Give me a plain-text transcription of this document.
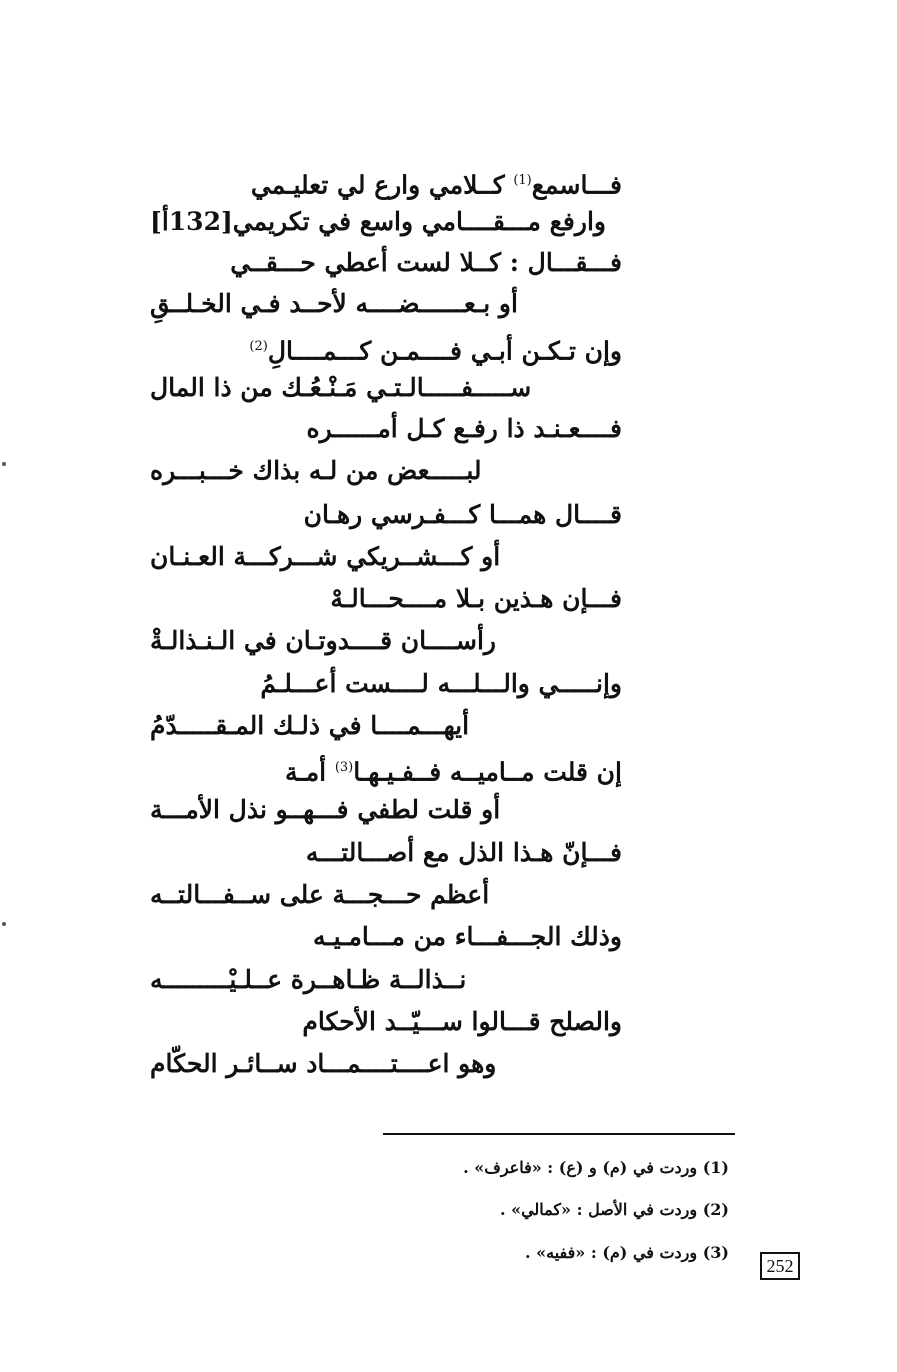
فـــاسمع$^{(1)}$ كــلامي وارع لي تعليـمي
وارفع مـــقــــامي واسع في تكريمي[132أ]
فـــقـــال : كــلا لست أعطي حـــقــي
أو بـعــــــضــــه لأحــد فـي الخـلــقِ
وإن تـكـن أبـي فــــمـن كـــمــــالِ$^{(2)}$
ســـــفـــــالـتـي مَـنْـعُـك من ذا المال
فــــعـنـد ذا رفـع كـل أمــــــره
لبـــــعض من لـه بذاك خـــبـــره
قــــال همـــا كـــفـرسي رهـان
أو كـــشــريكي شـــركـــة العـنـان
فـــإن هـذين بـلا مــــحـــالـهْ
رأســــان قــــدوتـان في الـنـذالـةْ
وإنـــــي والـــلـــه لــــست أعـــلـمُ
أيهـــمــــا في ذلـك المـقـــــدّمُ
إن قلت مــاميــه فــفـيـهـا$^{(3)}$ أمـة
أو قلت لطفي فـــهــو نذل الأمـــة
فـــإنّ هـذا الذل مع أصـــالتـــه
أعظم حـــجـــة على ســفـــالتــه
وذلك الجـــفـــاء من مـــامـيـه
نــذالــة ظـاهــرة عــلـيْـــــــــه
والصلح قـــالوا ســـيّــد الأحكام
وهو اعــــتــــمـــاد ســائـر الحكّام
(1) وردت في (م) و (ع) : «فاعرف» .
(2) وردت في الأصل : «كمالي» .
(3) وردت في (م) : «ففيه» .
252
